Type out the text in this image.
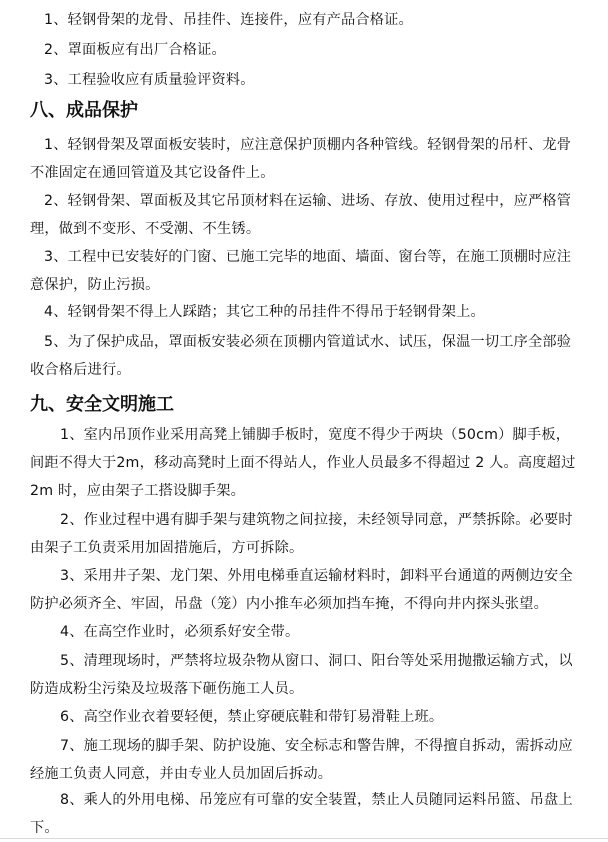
1、轻钢骨架的龙骨、吊挂件、连接件，应有产品合格证。

2、罩面板应有出厂合格证。

3、工程验收应有质量验评资料。

八、成品保护

1、轻钢骨架及罩面板安装时，应注意保护顶棚内各种管线。轻钢骨架的吊杆、龙骨不准固定在通回管道及其它设备件上。

2、轻钢骨架、罩面板及其它吊顶材料在运输、进场、存放、使用过程中，应严格管理，做到不变形、不受潮、不生锈。

3、工程中已安装好的门窗、已施工完毕的地面、墙面、窗台等，在施工顶棚时应注意保护，防止污损。

4、轻钢骨架不得上人踩踏；其它工种的吊挂件不得吊于轻钢骨架上。

5、为了保护成品，罩面板安装必须在顶棚内管道试水、试压，保温一切工序全部验收合格后进行。

九、安全文明施工

1、室内吊顶作业采用高凳上铺脚手板时，宽度不得少于两块（50cm）脚手板，间距不得大于2m，移动高凳时上面不得站人，作业人员最多不得超过 2 人。高度超过 2m 时，应由架子工搭设脚手架。

2、作业过程中遇有脚手架与建筑物之间拉接，未经领导同意，严禁拆除。必要时由架子工负责采用加固措施后，方可拆除。

3、采用井子架、龙门架、外用电梯垂直运输材料时，卸料平台通道的两侧边安全防护必须齐全、牢固，吊盘（笼）内小推车必须加挡车掩，不得向井内探头张望。

4、在高空作业时，必须系好安全带。

5、清理现场时，严禁将垃圾杂物从窗口、洞口、阳台等处采用抛撒运输方式，以防造成粉尘污染及垃圾落下砸伤施工人员。

6、高空作业衣着要轻便，禁止穿硬底鞋和带钉易滑鞋上班。

7、施工现场的脚手架、防护设施、安全标志和警告牌，不得擅自拆动，需拆动应经施工负责人同意，并由专业人员加固后拆动。

8、乘人的外用电梯、吊笼应有可靠的安全装置，禁止人员随同运料吊篮、吊盘上下。
